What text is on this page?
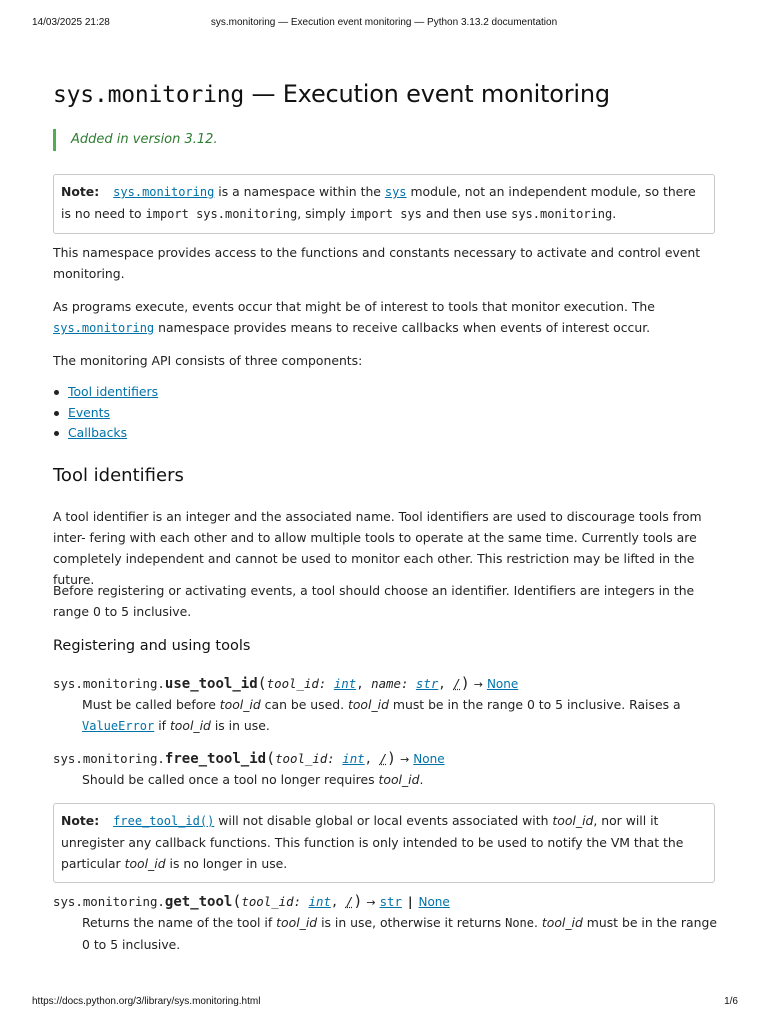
14/03/2025 21:28	sys.monitoring — Execution event monitoring — Python 3.13.2 documentation
sys.monitoring — Execution event monitoring
Added in version 3.12.
Note: sys.monitoring is a namespace within the sys module, not an independent module, so there is no need to import sys.monitoring, simply import sys and then use sys.monitoring.

This namespace provides access to the functions and constants necessary to activate and control event monitoring.

As programs execute, events occur that might be of interest to tools that monitor execution. The sys.monitoring namespace provides means to receive callbacks when events of interest occur.

The monitoring API consists of three components:

Tool identifiers
Events
Callbacks
Tool identifiers

A tool identifier is an integer and the associated name. Tool identifiers are used to discourage tools from inter- fering with each other and to allow multiple tools to operate at the same time. Currently tools are completely independent and cannot be used to monitor each other. This restriction may be lifted in the future.

Before registering or activating events, a tool should choose an identifier. Identifiers are integers in the range 0 to 5 inclusive.

Registering and using tools
sys.monitoring.use_tool_id(tool_id: int, name: str, /) → None

Must be called before tool_id can be used. tool_id must be in the range 0 to 5 inclusive. Raises a ValueError if tool_id is in use.

sys.monitoring.free_tool_id(tool_id: int, /) → None

Should be called once a tool no longer requires tool_id.

Note: free_tool_id() will not disable global or local events associated with tool_id, nor will it unregister any callback functions. This function is only intended to be used to notify the VM that the particular tool_id is no longer in use.
sys.monitoring.get_tool(tool_id: int, /) → str | None

Returns the name of the tool if tool_id is in use, otherwise it returns None. tool_id must be in the range 0 to 5 inclusive.

https://docs.python.org/3/library/sys.monitoring.html	1/6
